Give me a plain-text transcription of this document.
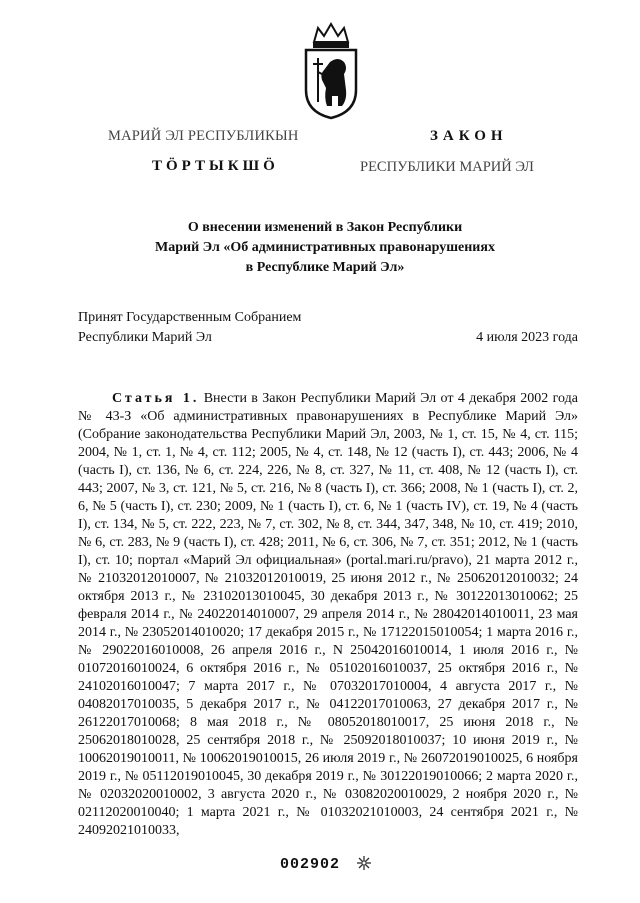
МАРИЙ ЭЛ РЕСПУБЛИКЫН	ЗАКОН
ТӦРТЫКШӦ	РЕСПУБЛИКИ МАРИЙ ЭЛ
О внесении изменений в Закон Республики
Марий Эл «Об административных правонарушениях
в Республике Марий Эл»
Принят Государственным Собранием
Республики Марий Эл	4 июля 2023 года

Статья 1. Внести в Закон Республики Марий Эл от 4 декабря 2002 года № 43-З «Об административных правонарушениях в Республике Марий Эл» (Собрание законодательства Республики Марий Эл, 2003, № 1, ст. 15, № 4, ст. 115; 2004, № 1, ст. 1, № 4, ст. 112; 2005, № 4, ст. 148, № 12 (часть I), ст. 443; 2006, № 4 (часть I), ст. 136, № 6, ст. 224, 226, № 8, ст. 327, № 11, ст. 408, № 12 (часть I), ст. 443; 2007, № 3, ст. 121, № 5, ст. 216, № 8 (часть I), ст. 366; 2008, № 1 (часть I), ст. 2, 6, № 5 (часть I), ст. 230; 2009, № 1 (часть I), ст. 6, № 1 (часть IV), ст. 19, № 4 (часть I), ст. 134, № 5, ст. 222, 223, № 7, ст. 302, № 8, ст. 344, 347, 348, № 10, ст. 419; 2010, № 6, ст. 283, № 9 (часть I), ст. 428; 2011, № 6, ст. 306, № 7, ст. 351; 2012, № 1 (часть I), ст. 10; портал «Марий Эл официальная» (portal.mari.ru/pravo), 21 марта 2012 г., № 21032012010007, № 21032012010019, 25 июня 2012 г., № 25062012010032; 24 октября 2013 г., № 23102013010045, 30 декабря 2013 г., № 30122013010062; 25 февраля 2014 г., № 24022014010007, 29 апреля 2014 г., № 28042014010011, 23 мая 2014 г., № 23052014010020; 17 декабря 2015 г., № 17122015010054; 1 марта 2016 г., № 29022016010008, 26 апреля 2016 г., N 25042016010014, 1 июля 2016 г., № 01072016010024, 6 октября 2016 г., № 05102016010037, 25 октября 2016 г., № 24102016010047; 7 марта 2017 г., № 07032017010004, 4 августа 2017 г., № 04082017010035, 5 декабря 2017 г., № 04122017010063, 27 декабря 2017 г., № 26122017010068; 8 мая 2018 г., № 08052018010017, 25 июня 2018 г., № 25062018010028, 25 сентября 2018 г., № 25092018010037; 10 июня 2019 г., № 10062019010011, № 10062019010015, 26 июля 2019 г., № 26072019010025, 6 ноября 2019 г., № 05112019010045, 30 декабря 2019 г., № 30122019010066; 2 марта 2020 г., № 02032020010002, 3 августа 2020 г., № 03082020010029, 2 ноября 2020 г., № 02112020010040; 1 марта 2021 г., № 01032021010003, 24 сентября 2021 г., № 24092021010033,

002902
